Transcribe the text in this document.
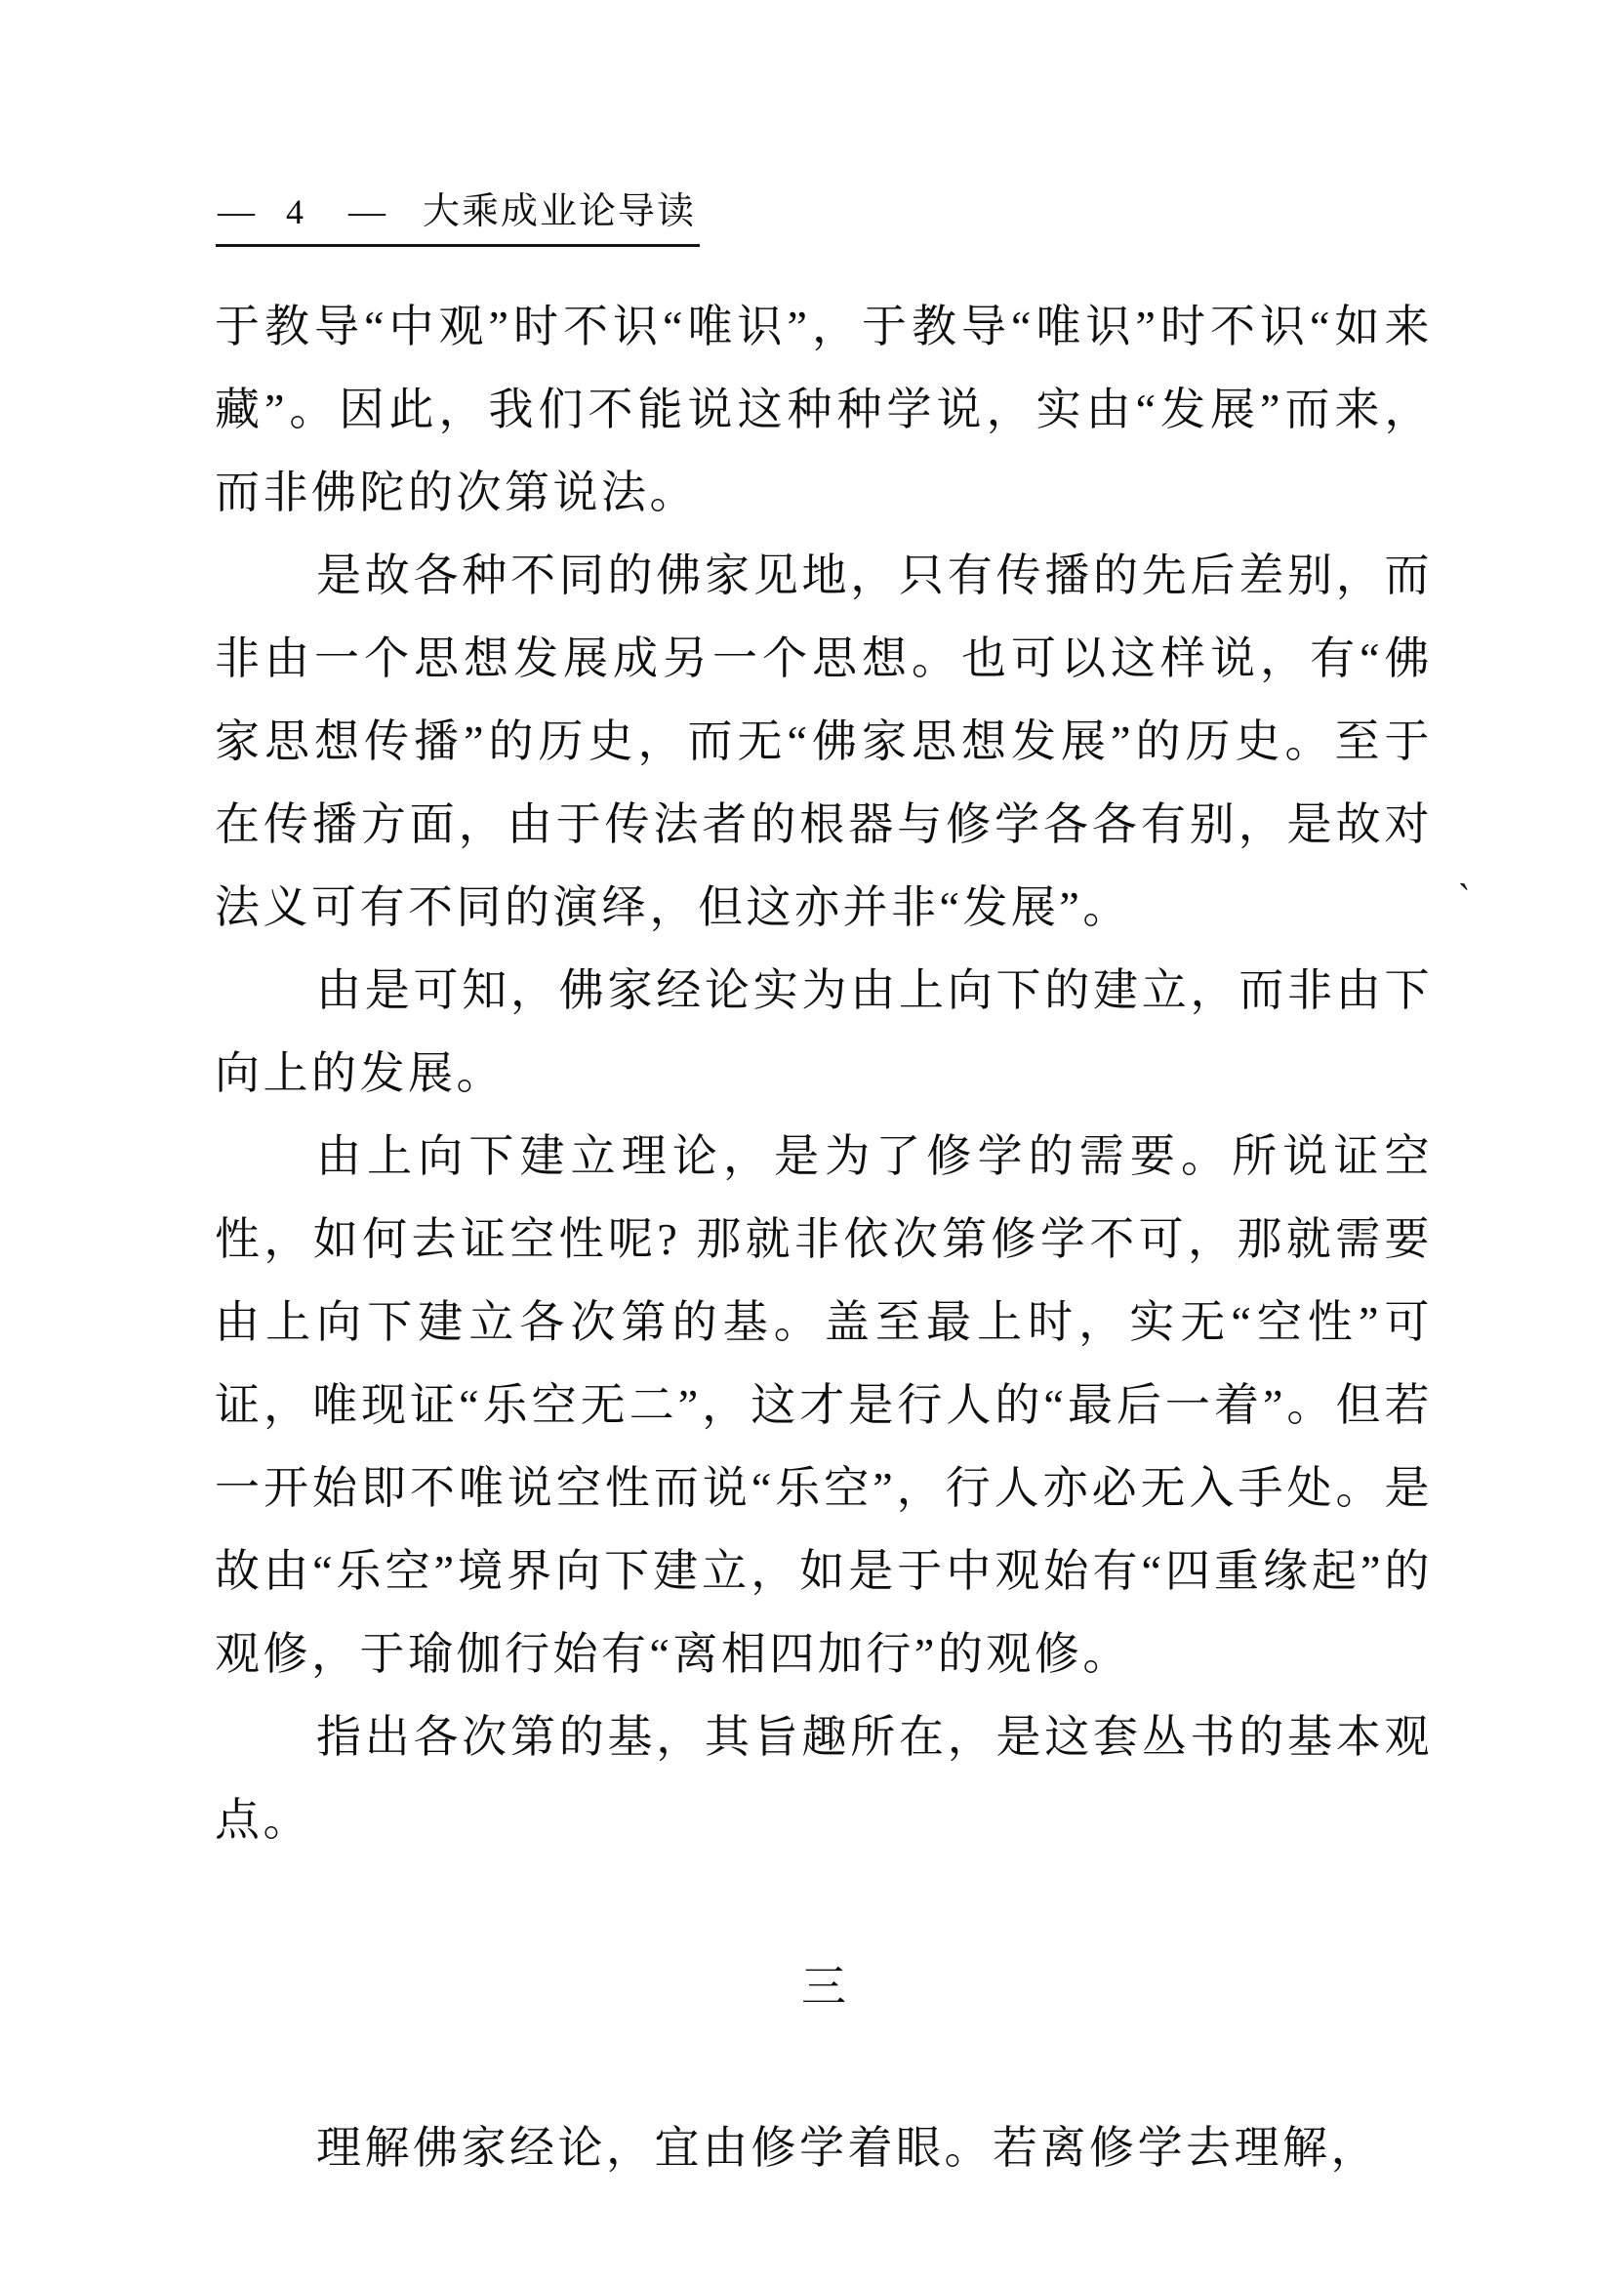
— 4 — 大乘成业论导读

于教导“中观”时不识“唯识”，于教导“唯识”时不识“如来藏”。因此，我们不能说这种种学说，实由“发展”而来，而非佛陀的次第说法。

是故各种不同的佛家见地，只有传播的先后差别，而非由一个思想发展成另一个思想。也可以这样说，有“佛家思想传播”的历史，而无“佛家思想发展”的历史。至于在传播方面，由于传法者的根器与修学各各有别，是故对法义可有不同的演绎，但这亦并非“发展”。

由是可知，佛家经论实为由上向下的建立，而非由下向上的发展。

由上向下建立理论，是为了修学的需要。所说证空性，如何去证空性呢? 那就非依次第修学不可，那就需要由上向下建立各次第的基。盖至最上时，实无“空性”可证，唯现证“乐空无二”，这才是行人的“最后一着”。但若一开始即不唯说空性而说“乐空”，行人亦必无入手处。是故由“乐空”境界向下建立，如是于中观始有“四重缘起”的观修，于瑜伽行始有“离相四加行”的观修。

指出各次第的基，其旨趣所在，是这套丛书的基本观点。

三

理解佛家经论，宜由修学着眼。若离修学去理解，

ˋ
